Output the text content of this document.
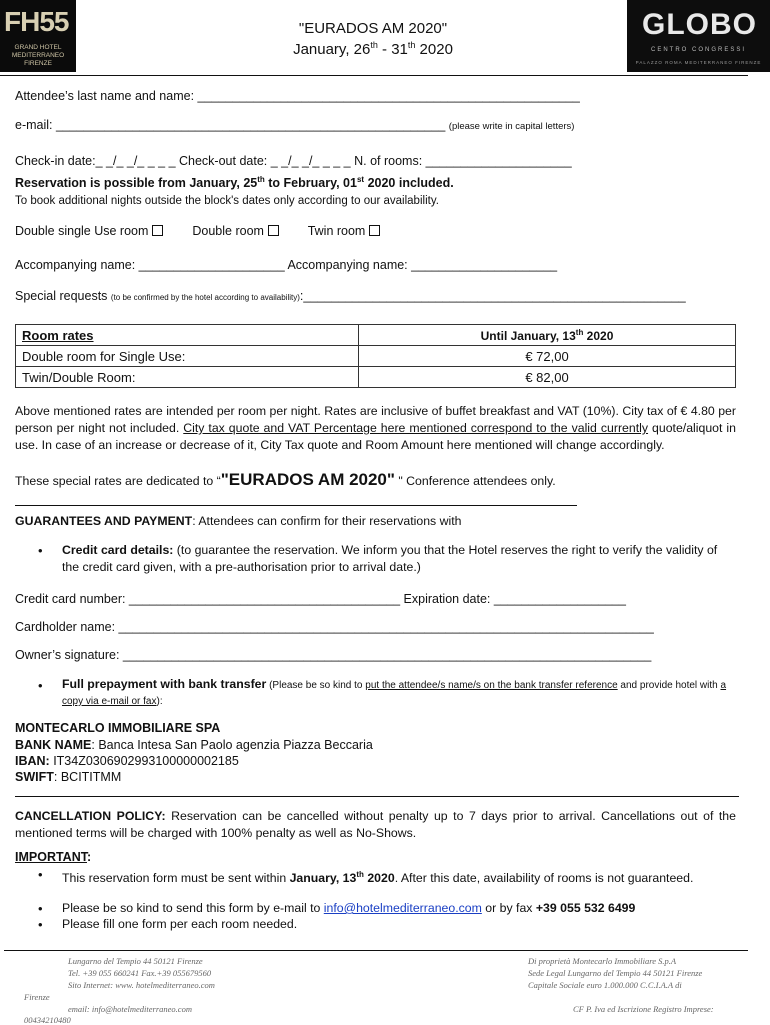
FH55
GRAND HOTEL MEDITERRANEO FIRENZE
GLOBO
CENTRO CONGRESSI
PALAZZO ROMA MEDITERRANEO FIRENZE
"EURADOS AM 2020"
January, 26th - 31th 2020
Attendee’s last name and name: _______________________________________________________
e-mail: ________________________________________________________ (please write in capital letters)
Check-in date:_ _/_ _/_ _ _ _ Check-out date: _ _/_ _/_ _ _ _ N. of rooms: _____________________
Reservation is possible from January, 25th to February, 01st 2020 included.
To book additional nights outside the block's dates only according to our availability.
Double single Use room	Double room	Twin room
Accompanying name: _____________________ Accompanying name: _____________________
Special requests (to be confirmed by the hotel according to availability):_______________________________________________________
Room rates	Until January, 13th 2020
Double room for Single Use:	€ 72,00
Twin/Double Room:	€ 82,00
Above mentioned rates are intended per room per night. Rates are inclusive of buffet breakfast and VAT (10%). City tax of € 4.80 per person per night not included. City tax quote and VAT Percentage here mentioned correspond to the valid currently quote/aliquot in use. In case of an increase or decrease of it, City Tax quote and Room Amount here mentioned will change accordingly.
These special rates are dedicated to “"EURADOS AM 2020" " Conference attendees only.
GUARANTEES AND PAYMENT: Attendees can confirm for their reservations with
• Credit card details: (to guarantee the reservation. We inform you that the Hotel reserves the right to verify the validity of the credit card given, with a pre-authorisation prior to arrival date.)
Credit card number: _______________________________________ Expiration date: ___________________
Cardholder name: _____________________________________________________________________________
Owner’s signature: ____________________________________________________________________________
• Full prepayment with bank transfer (Please be so kind to put the attendee/s name/s on the bank transfer reference and provide hotel with a copy via e-mail or fax):
MONTECARLO IMMOBILIARE SPA
BANK NAME: Banca Intesa San Paolo agenzia Piazza Beccaria
IBAN: IT34Z0306902993100000002185
SWIFT: BCITITMM
CANCELLATION POLICY: Reservation can be cancelled without penalty up to 7 days prior to arrival. Cancellations out of the mentioned terms will be charged with 100% penalty as well as No-Shows.
IMPORTANT:
• This reservation form must be sent within January, 13th 2020. After this date, availability of rooms is not guaranteed.
• Please be so kind to send this form by e-mail to info@hotelmediterraneo.com or by fax +39 055 532 6499
• Please fill one form per each room needed.
Lungarno del Tempio 44 50121 Firenze
Tel. +39 055 660241 Fax.+39 055679560
Sito Internet: www. hotelmediterraneo.com
Firenze
email: info@hotelmediterraneo.com
00434210480
Di proprietà Montecarlo Immobiliare S.p.A
Sede Legal Lungarno del Tempio 44 50121 Firenze
Capitale Sociale euro 1.000.000 C.C.I.A.A di
CF P. Iva ed Iscrizione Registro Imprese:
